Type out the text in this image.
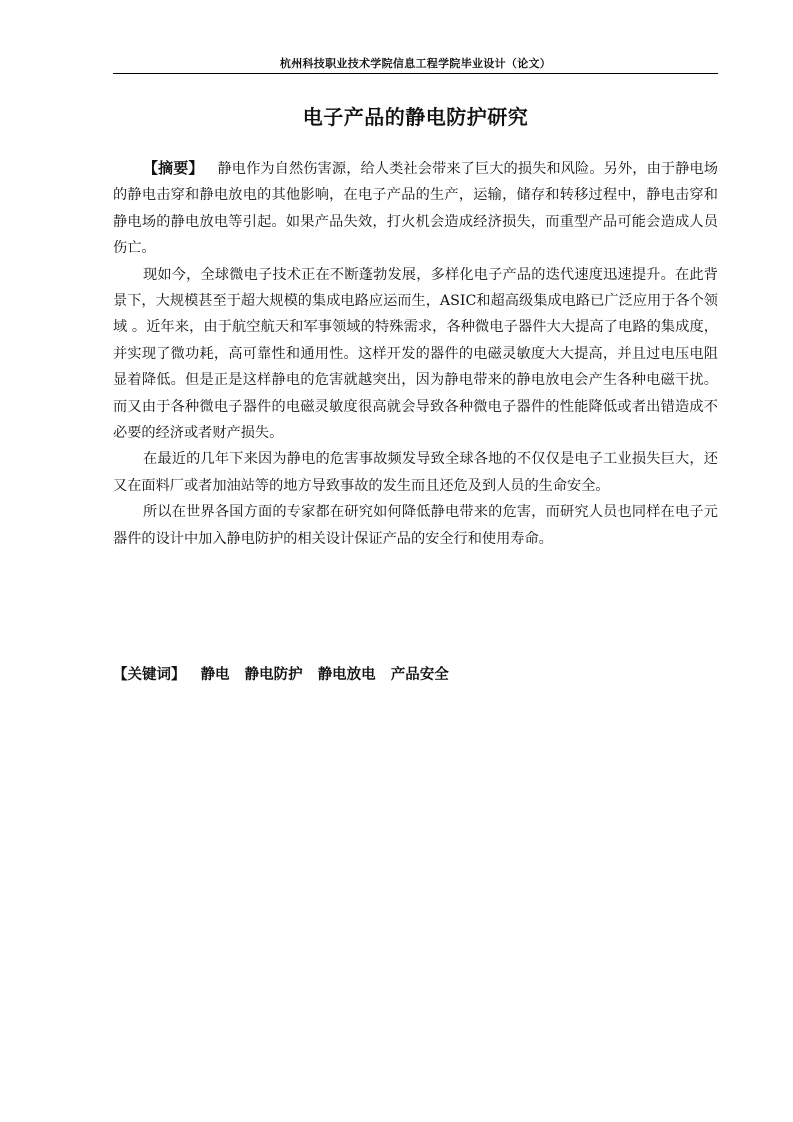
杭州科技职业技术学院信息工程学院毕业设计（论文）
电子产品的静电防护研究

【摘要】 静电作为自然伤害源，给人类社会带来了巨大的损失和风险。另外，由于静电场的静电击穿和静电放电的其他影响，在电子产品的生产，运输，储存和转移过程中，静电击穿和静电场的静电放电等引起。如果产品失效，打火机会造成经济损失，而重型产品可能会造成人员伤亡。

现如今，全球微电子技术正在不断蓬勃发展，多样化电子产品的迭代速度迅速提升。在此背景下，大规模甚至于超大规模的集成电路应运而生，ASIC和超高级集成电路已广泛应用于各个领域 。近年来，由于航空航天和军事领域的特殊需求，各种微电子器件大大提高了电路的集成度，并实现了微功耗，高可靠性和通用性。这样开发的器件的电磁灵敏度大大提高，并且过电压电阻显着降低。但是正是这样静电的危害就越突出，因为静电带来的静电放电会产生各种电磁干扰。而又由于各种微电子器件的电磁灵敏度很高就会导致各种微电子器件的性能降低或者出错造成不必要的经济或者财产损失。

在最近的几年下来因为静电的危害事故频发导致全球各地的不仅仅是电子工业损失巨大，还又在面料厂或者加油站等的地方导致事故的发生而且还危及到人员的生命安全。

所以在世界各国方面的专家都在研究如何降低静电带来的危害，而研究人员也同样在电子元器件的设计中加入静电防护的相关设计保证产品的安全行和使用寿命。

【关键词】 静电 静电防护 静电放电 产品安全
